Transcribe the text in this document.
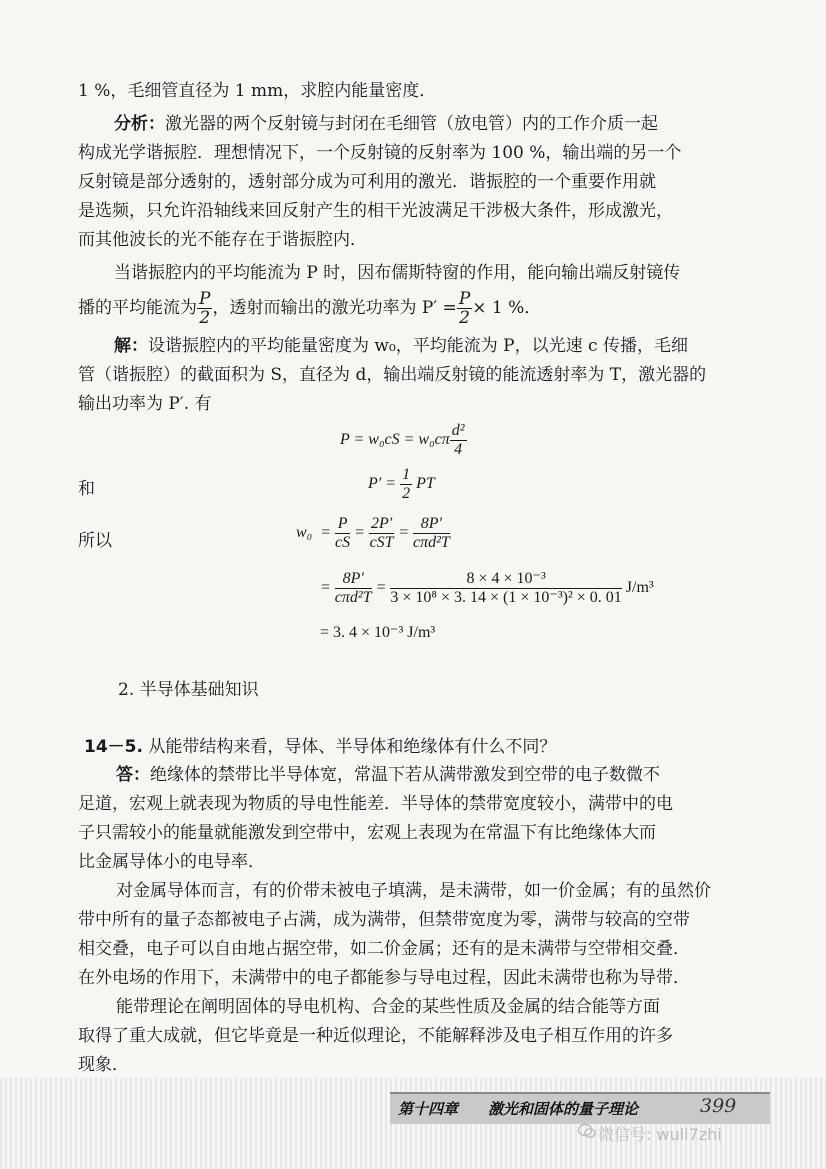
1 %，毛细管直径为 1 mm，求腔内能量密度．
分析：激光器的两个反射镜与封闭在毛细管（放电管）内的工作介质一起
构成光学谐振腔．理想情况下，一个反射镜的反射率为 100 %，输出端的另一个
反射镜是部分透射的，透射部分成为可利用的激光．谐振腔的一个重要作用就
是选频，只允许沿轴线来回反射产生的相干光波满足干涉极大条件，形成激光，
而其他波长的光不能存在于谐振腔内．
当谐振腔内的平均能流为 P 时，因布儒斯特窗的作用，能向输出端反射镜传
播的平均能流为 $\frac{P}{2}$ ，透射而输出的激光功率为 $P' = \frac{P}{2} \times 1$ %．
解：设谐振腔内的平均能量密度为 w₀，平均能流为 P，以光速 c 传播，毛细
管（谐振腔）的截面积为 S，直径为 d，输出端反射镜的能流透射率为 T，激光器的
输出功率为 P′. 有
$P = w_0cS = w_0c\pi \frac{\text{d²}}{4}$
和	$P' = \frac{1}{2}$ PT
所以	$w_0 = \frac{P}{cS} = \frac{2P'}{\text{cST}} = \frac{8P'}{\text{cπd²T}}$
= $\frac{8P'}{\text{cπd²T}} = \frac{\text{8 × 4 × 10⁻³}}{\text{3 × 10⁸ × 3. 14 × (1 × 10⁻³)² × 0. 01}} J/m^3$
= 3. 4 × 10⁻³ J/m³
2. 半导体基础知识
14－5. 从能带结构来看，导体、半导体和绝缘体有什么不同？
答：绝缘体的禁带比半导体宽，常温下若从满带激发到空带的电子数微不
足道，宏观上就表现为物质的导电性能差．半导体的禁带宽度较小，满带中的电
子只需较小的能量就能激发到空带中，宏观上表现为在常温下有比绝缘体大而
比金属导体小的电导率．
对金属导体而言，有的价带未被电子填满，是未满带，如一价金属；有的虽然价
带中所有的量子态都被电子占满，成为满带，但禁带宽度为零，满带与较高的空带
相交叠，电子可以自由地占据空带，如二价金属；还有的是未满带与空带相交叠．
在外电场的作用下，未满带中的电子都能参与导电过程，因此未满带也称为导带．
能带理论在阐明固体的导电机构、合金的某些性质及金属的结合能等方面
取得了重大成就，但它毕竟是一种近似理论，不能解释涉及电子相互作用的许多
现象．
第十四章 激光和固体的量子理论	399
微信号: wuli7zhi
